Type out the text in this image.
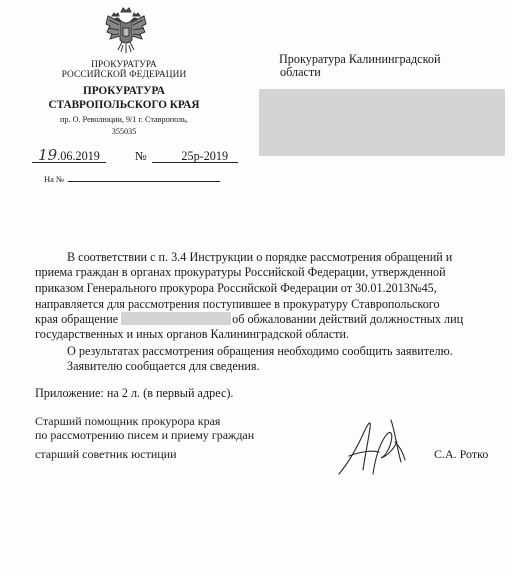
ПРОКУРАТУРА
РОССИЙСКОЙ ФЕДЕРАЦИИ
ПРОКУРАТУРА
СТАВРОПОЛЬСКОГО КРАЯ
пр. О. Революции, 9/1 г. Ставрополь,
355035
19.06.2019	№	25р-2019
На №
Прокуратура Калининградской
области
В соответствии с п. 3.4 Инструкции о порядке рассмотрения обращений и
приема граждан в органах прокуратуры Российской Федерации, утвержденной
приказом Генерального прокурора Российской Федерации от 30.01.2013№45,
направляется для рассмотрения поступившее в прокуратуру Ставропольского
края обращение	об обжаловании действий должностных лиц
государственных и иных органов Калининградской области.
О результатах рассмотрения обращения необходимо сообщить заявителю.
Заявителю сообщается для сведения.
Приложение: на 2 л. (в первый адрес).
Старший помощник прокурора края
по рассмотрению писем и приему граждан
старший советник юстиции	С.А. Ротко
